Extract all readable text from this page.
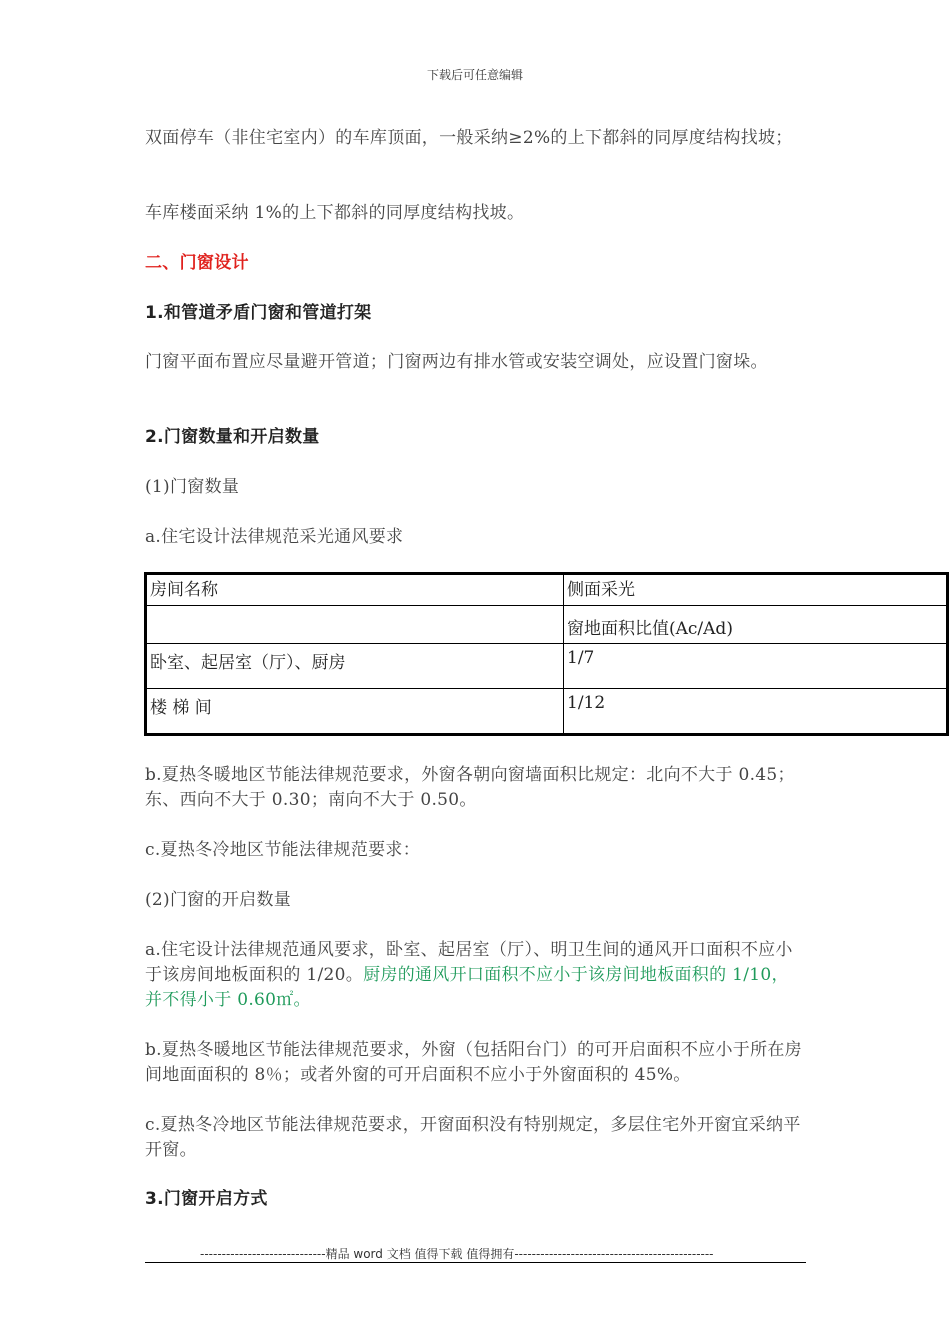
下载后可任意编辑
双面停车（非住宅室内）的车库顶面，一般采纳≥2%的上下都斜的同厚度结构找坡；
车库楼面采纳 1%的上下都斜的同厚度结构找坡。
二、门窗设计
1.和管道矛盾门窗和管道打架
门窗平面布置应尽量避开管道；门窗两边有排水管或安装空调处，应设置门窗垛。
2.门窗数量和开启数量
(1)门窗数量
a.住宅设计法律规范采光通风要求
房间名称	侧面采光
	窗地面积比值(Ac/Ad)
卧室、起居室（厅）、厨房	1/7
楼 梯 间	1/12
b.夏热冬暖地区节能法律规范要求，外窗各朝向窗墙面积比规定：北向不大于 0.45；东、西向不大于 0.30；南向不大于 0.50。
c.夏热冬冷地区节能法律规范要求：
(2)门窗的开启数量
a.住宅设计法律规范通风要求，卧室、起居室（厅）、明卫生间的通风开口面积不应小于该房间地板面积的 1/20。厨房的通风开口面积不应小于该房间地板面积的 1/10，并不得小于 0.60㎡。
b.夏热冬暖地区节能法律规范要求，外窗（包括阳台门）的可开启面积不应小于所在房间地面面积的 8％；或者外窗的可开启面积不应小于外窗面积的 45%。
c.夏热冬冷地区节能法律规范要求，开窗面积没有特别规定，多层住宅外开窗宜采纳平开窗。
3.门窗开启方式
-----------------------------精品 word 文档 值得下载 值得拥有----------------------------------------------
